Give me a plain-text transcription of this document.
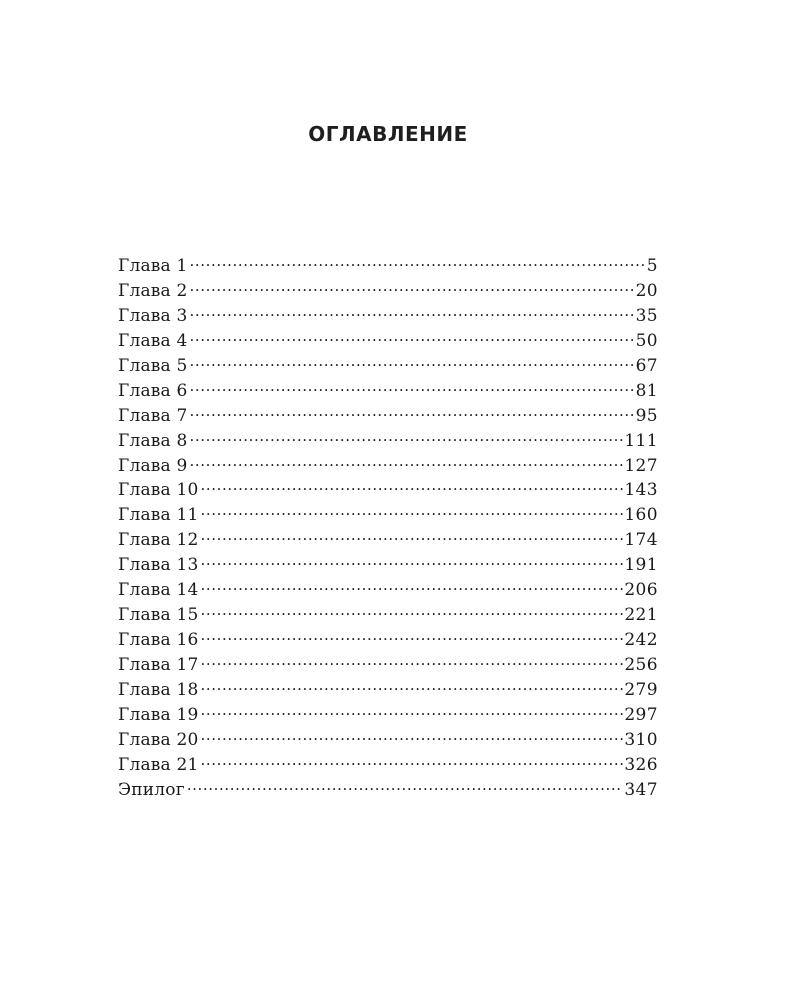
ОГЛАВЛЕНИЕ
Глава 1 .....	5
Глава 2 .....	20
Глава 3 .....	35
Глава 4 .....	50
Глава 5 .....	67
Глава 6 .....	81
Глава 7 .....	95
Глава 8 .....	111
Глава 9 .....	127
Глава 10 .....	143
Глава 11 .....	160
Глава 12 .....	174
Глава 13 .....	191
Глава 14 .....	206
Глава 15 .....	221
Глава 16 .....	242
Глава 17 .....	256
Глава 18 .....	279
Глава 19 .....	297
Глава 20 .....	310
Глава 21 .....	326
Эпилог .....	347
